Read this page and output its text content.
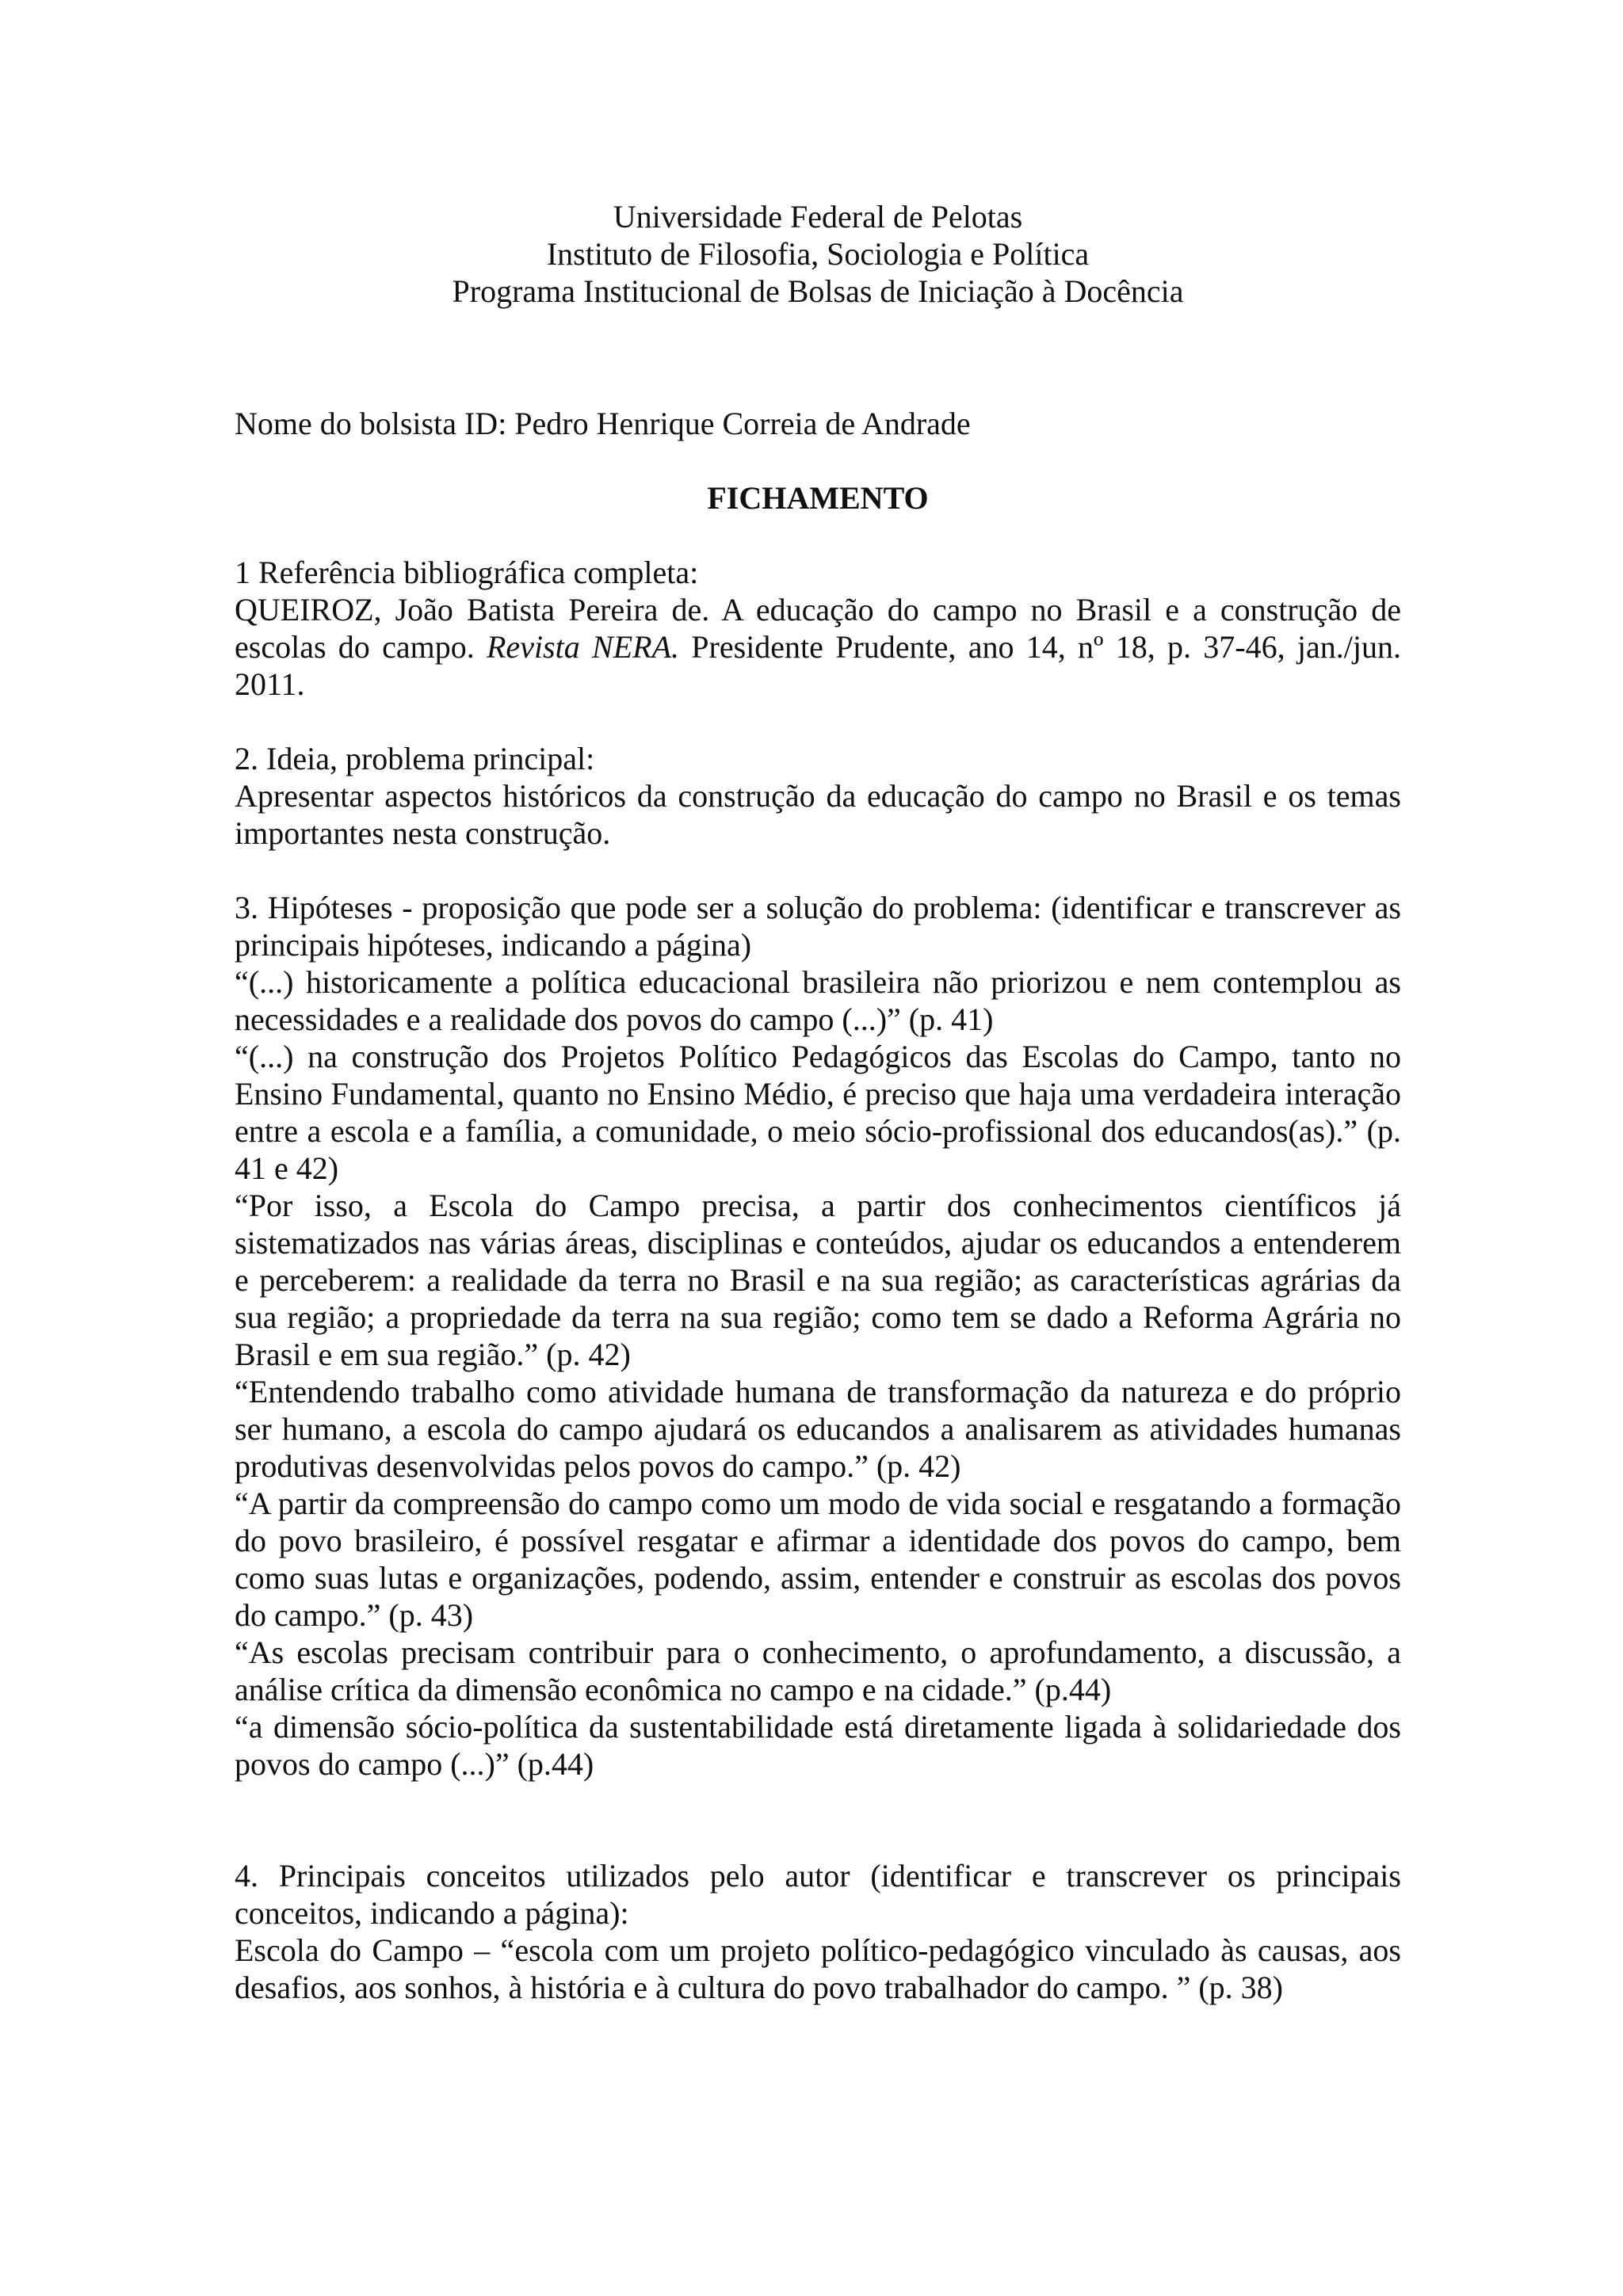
Universidade Federal de Pelotas
Instituto de Filosofia, Sociologia e Política
Programa Institucional de Bolsas de Iniciação à Docência
Nome do bolsista ID: Pedro Henrique Correia de Andrade
FICHAMENTO

1 Referência bibliográfica completa:

QUEIROZ, João Batista Pereira de. A educação do campo no Brasil e a construção de escolas do campo. Revista NERA. Presidente Prudente, ano 14, nº 18, p. 37-46, jan./jun. 2011.

2. Ideia, problema principal:

Apresentar aspectos históricos da construção da educação do campo no Brasil e os temas importantes nesta construção.

3. Hipóteses - proposição que pode ser a solução do problema: (identificar e transcrever as principais hipóteses, indicando a página)

“(...) historicamente a política educacional brasileira não priorizou e nem contemplou as necessidades e a realidade dos povos do campo (...)” (p. 41)

“(...) na construção dos Projetos Político Pedagógicos das Escolas do Campo, tanto no Ensino Fundamental, quanto no Ensino Médio, é preciso que haja uma verdadeira interação entre a escola e a família, a comunidade, o meio sócio-profissional dos educandos(as).” (p. 41 e 42)

“Por isso, a Escola do Campo precisa, a partir dos conhecimentos científicos já sistematizados nas várias áreas, disciplinas e conteúdos, ajudar os educandos a entenderem e perceberem: a realidade da terra no Brasil e na sua região; as características agrárias da sua região; a propriedade da terra na sua região; como tem se dado a Reforma Agrária no Brasil e em sua região.” (p. 42)

“Entendendo trabalho como atividade humana de transformação da natureza e do próprio ser humano, a escola do campo ajudará os educandos a analisarem as atividades humanas produtivas desenvolvidas pelos povos do campo.” (p. 42)

“A partir da compreensão do campo como um modo de vida social e resgatando a formação do povo brasileiro, é possível resgatar e afirmar a identidade dos povos do campo, bem como suas lutas e organizações, podendo, assim, entender e construir as escolas dos povos do campo.” (p. 43)

“As escolas precisam contribuir para o conhecimento, o aprofundamento, a discussão, a análise crítica da dimensão econômica no campo e na cidade.” (p.44)

“a dimensão sócio-política da sustentabilidade está diretamente ligada à solidariedade dos povos do campo (...)” (p.44)

4. Principais conceitos utilizados pelo autor (identificar e transcrever os principais conceitos, indicando a página):

Escola do Campo – “escola com um projeto político-pedagógico vinculado às causas, aos desafios, aos sonhos, à história e à cultura do povo trabalhador do campo. ” (p. 38)
